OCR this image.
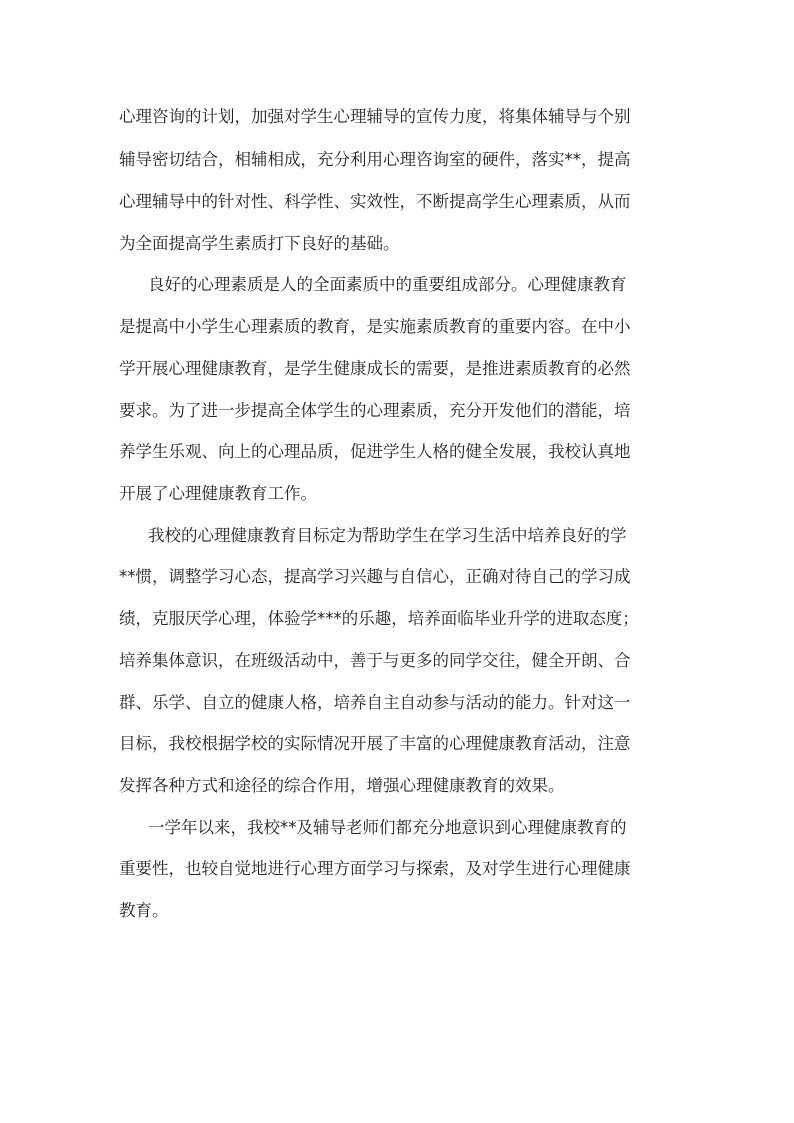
心理咨询的计划，加强对学生心理辅导的宣传力度，将集体辅导与个别

辅导密切结合，相辅相成，充分利用心理咨询室的硬件，落实**，提高

心理辅导中的针对性、科学性、实效性，不断提高学生心理素质，从而

为全面提高学生素质打下良好的基础。

良好的心理素质是人的全面素质中的重要组成部分。心理健康教育

是提高中小学生心理素质的教育，是实施素质教育的重要内容。在中小

学开展心理健康教育，是学生健康成长的需要，是推进素质教育的必然

要求。为了进一步提高全体学生的心理素质，充分开发他们的潜能，培

养学生乐观、向上的心理品质，促进学生人格的健全发展，我校认真地

开展了心理健康教育工作。

我校的心理健康教育目标定为帮助学生在学习生活中培养良好的学

**惯，调整学习心态，提高学习兴趣与自信心，正确对待自己的学习成

绩，克服厌学心理，体验学***的乐趣，培养面临毕业升学的进取态度；

培养集体意识，在班级活动中，善于与更多的同学交往，健全开朗、合

群、乐学、自立的健康人格，培养自主自动参与活动的能力。针对这一

目标，我校根据学校的实际情况开展了丰富的心理健康教育活动，注意

发挥各种方式和途径的综合作用，增强心理健康教育的效果。

一学年以来，我校**及辅导老师们都充分地意识到心理健康教育的

重要性，也较自觉地进行心理方面学习与探索，及对学生进行心理健康

教育。
